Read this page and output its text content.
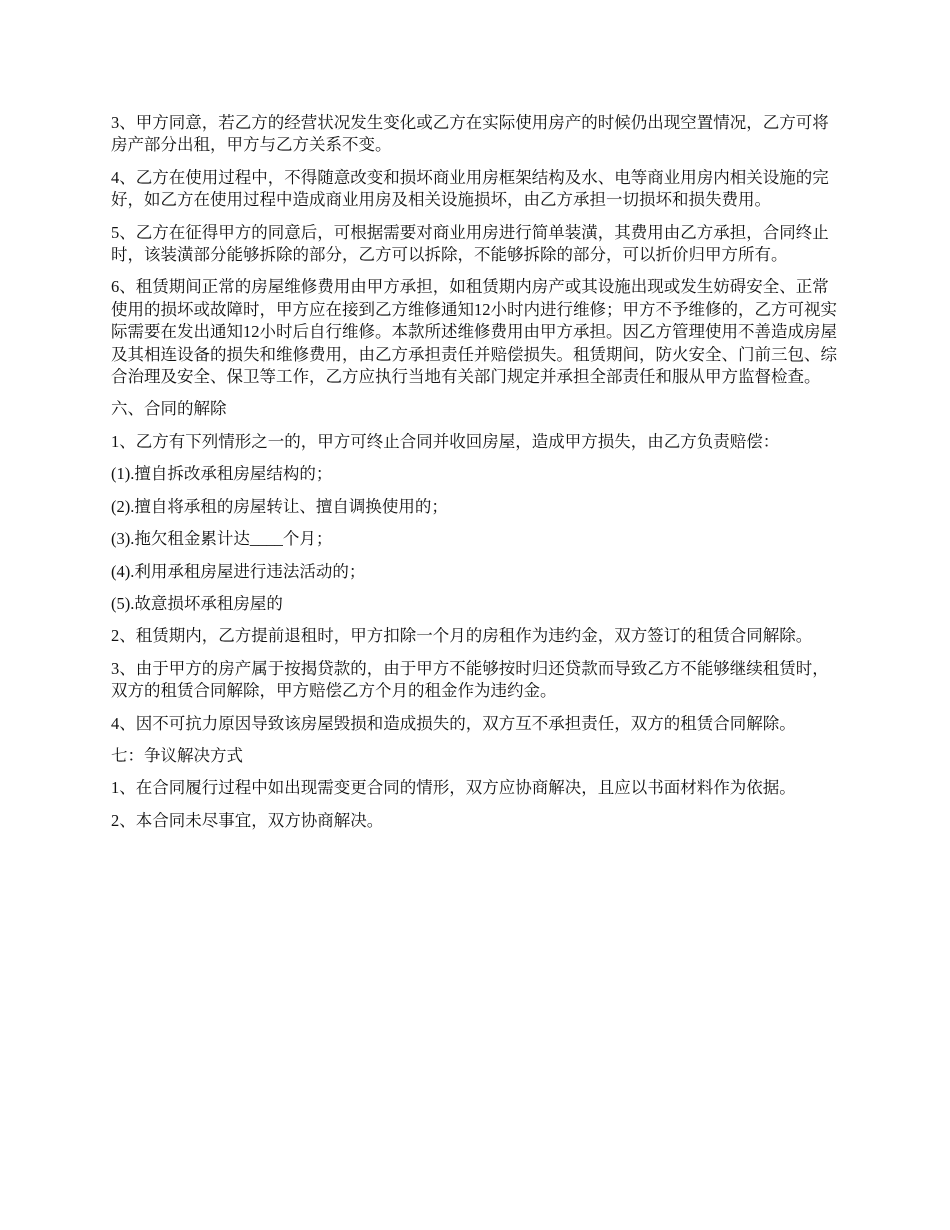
3、甲方同意，若乙方的经营状况发生变化或乙方在实际使用房产的时候仍出现空置情况，乙方可将房产部分出租，甲方与乙方关系不变。

4、乙方在使用过程中，不得随意改变和损坏商业用房框架结构及水、电等商业用房内相关设施的完好，如乙方在使用过程中造成商业用房及相关设施损坏，由乙方承担一切损坏和损失费用。

5、乙方在征得甲方的同意后，可根据需要对商业用房进行简单装潢，其费用由乙方承担，合同终止时，该装潢部分能够拆除的部分，乙方可以拆除，不能够拆除的部分，可以折价归甲方所有。

6、租赁期间正常的房屋维修费用由甲方承担，如租赁期内房产或其设施出现或发生妨碍安全、正常使用的损坏或故障时，甲方应在接到乙方维修通知12小时内进行维修；甲方不予维修的，乙方可视实际需要在发出通知12小时后自行维修。本款所述维修费用由甲方承担。因乙方管理使用不善造成房屋及其相连设备的损失和维修费用，由乙方承担责任并赔偿损失。租赁期间，防火安全、门前三包、综合治理及安全、保卫等工作，乙方应执行当地有关部门规定并承担全部责任和服从甲方监督检查。

六、合同的解除

1、乙方有下列情形之一的，甲方可终止合同并收回房屋，造成甲方损失，由乙方负责赔偿：

(1).擅自拆改承租房屋结构的；

(2).擅自将承租的房屋转让、擅自调换使用的；

(3).拖欠租金累计达____个月；

(4).利用承租房屋进行违法活动的；

(5).故意损坏承租房屋的

2、租赁期内，乙方提前退租时，甲方扣除一个月的房租作为违约金，双方签订的租赁合同解除。

3、由于甲方的房产属于按揭贷款的，由于甲方不能够按时归还贷款而导致乙方不能够继续租赁时，双方的租赁合同解除，甲方赔偿乙方个月的租金作为违约金。

4、因不可抗力原因导致该房屋毁损和造成损失的，双方互不承担责任，双方的租赁合同解除。

七：争议解决方式

1、在合同履行过程中如出现需变更合同的情形，双方应协商解决，且应以书面材料作为依据。

2、本合同未尽事宜，双方协商解决。
